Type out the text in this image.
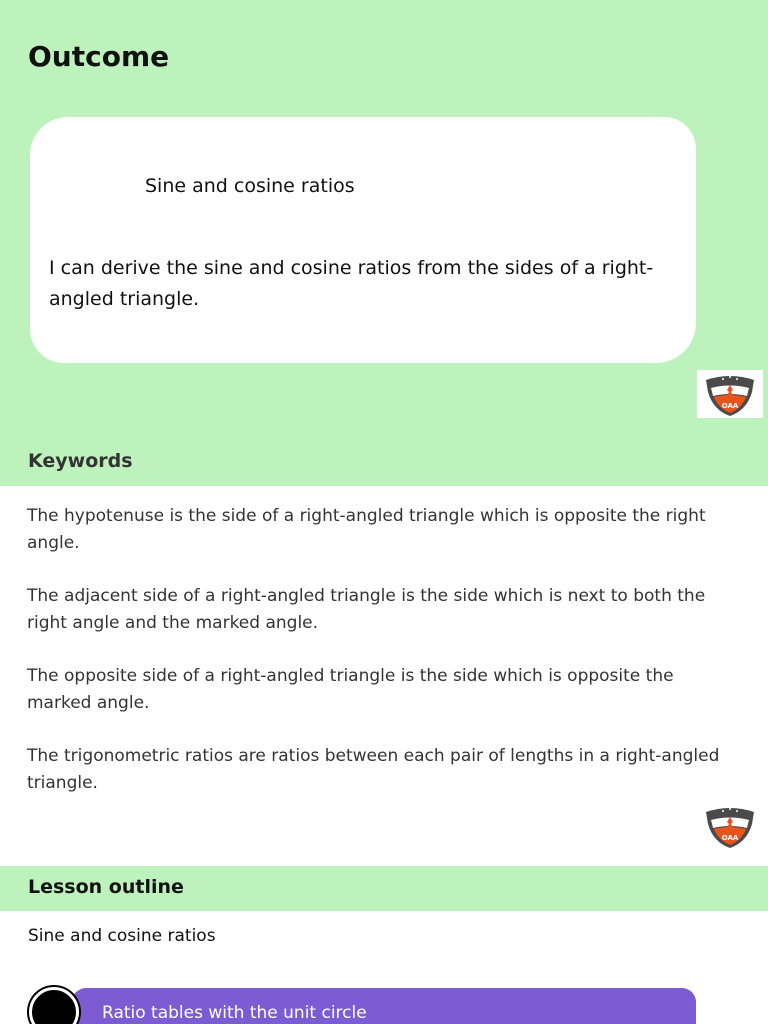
Outcome
Sine and cosine ratios
I can derive the sine and cosine ratios from the sides of a right-angled triangle.
OAA
Keywords
The hypotenuse is the side of a right-angled triangle which is opposite the right angle.
The adjacent side of a right-angled triangle is the side which is next to both the right angle and the marked angle.
The opposite side of a right-angled triangle is the side which is opposite the marked angle.
The trigonometric ratios are ratios between each pair of lengths in a right-angled triangle.
OAA
Lesson outline
Sine and cosine ratios
Ratio tables with the unit circle
